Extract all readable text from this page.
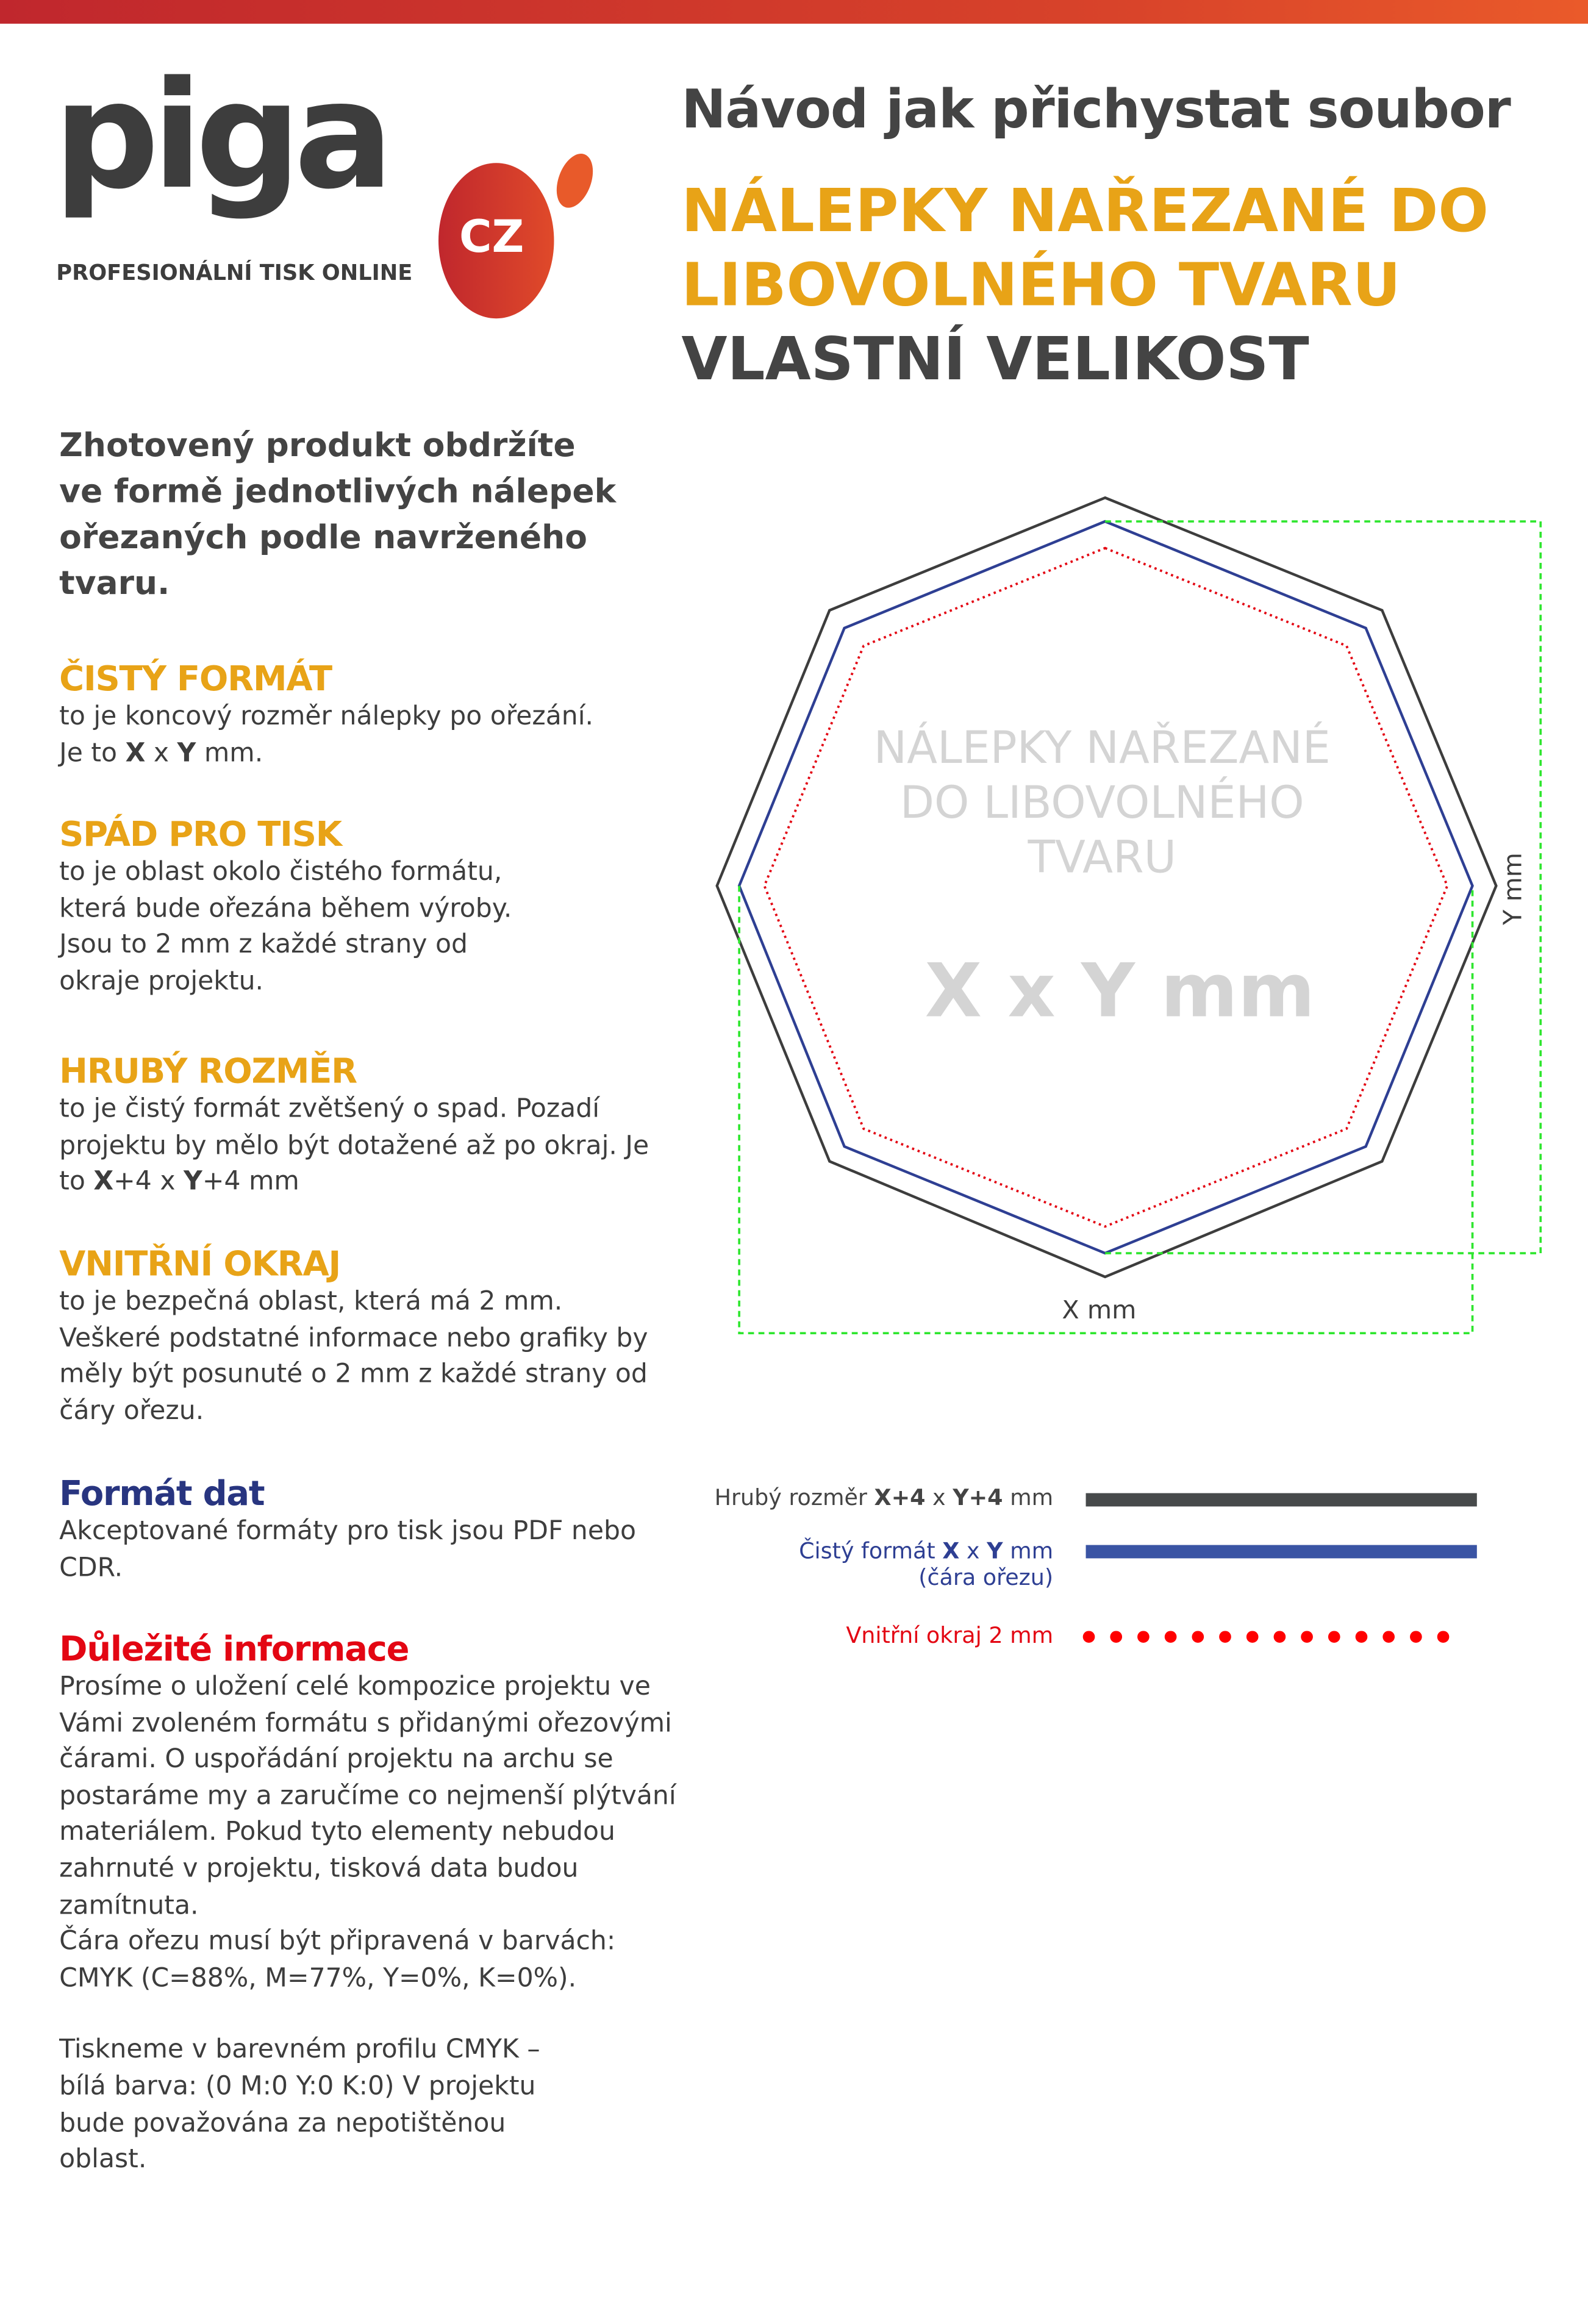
piga
CZ
PROFESIONÁLNÍ TISK ONLINE
Návod jak přichystat soubor
NÁLEPKY NAŘEZANÉ DO
LIBOVOLNÉHO TVARU
VLASTNÍ VELIKOST
Zhotovený produkt obdržíte ve formě jednotlivých nálepek ořezaných podle navrženého tvaru.
ČISTÝ FORMÁT
to je koncový rozměr nálepky po ořezání.
Je to X x Y mm.
SPÁD PRO TISK
to je oblast okolo čistého formátu, která bude ořezána během výroby. Jsou to 2 mm z každé strany od okraje projektu.
HRUBÝ ROZMĚR
to je čistý formát zvětšený o spad. Pozadí projektu by mělo být dotažené až po okraj. Je to X+4 x Y+4 mm
VNITŘNÍ OKRAJ
to je bezpečná oblast, která má 2 mm. Veškeré podstatné informace nebo grafiky by měly být posunuté o 2 mm z každé strany od čáry ořezu.
Formát dat
Akceptované formáty pro tisk jsou PDF nebo CDR.
Důležité informace
Prosíme o uložení celé kompozice projektu ve Vámi zvoleném formátu s přidanými ořezovými čárami. O uspořádání projektu na archu se postaráme my a zaručíme co nejmenší plýtvání materiálem. Pokud tyto elementy nebudou zahrnuté v projektu, tisková data budou zamítnuta.
Čára ořezu musí být připravená v barvách:
CMYK (C=88%, M=77%, Y=0%, K=0%).
Tiskneme v barevném profilu CMYK – bílá barva: (0 M:0 Y:0 K:0) V projektu bude považována za nepotištěnou oblast.
NÁLEPKY NAŘEZANÉ
DO LIBOVOLNÉHO
TVARU
X x Y mm
X mm
Y mm
Hrubý rozměr X+4 x Y+4 mm
Čistý formát X x Y mm
(čára ořezu)
Vnitřní okraj 2 mm
